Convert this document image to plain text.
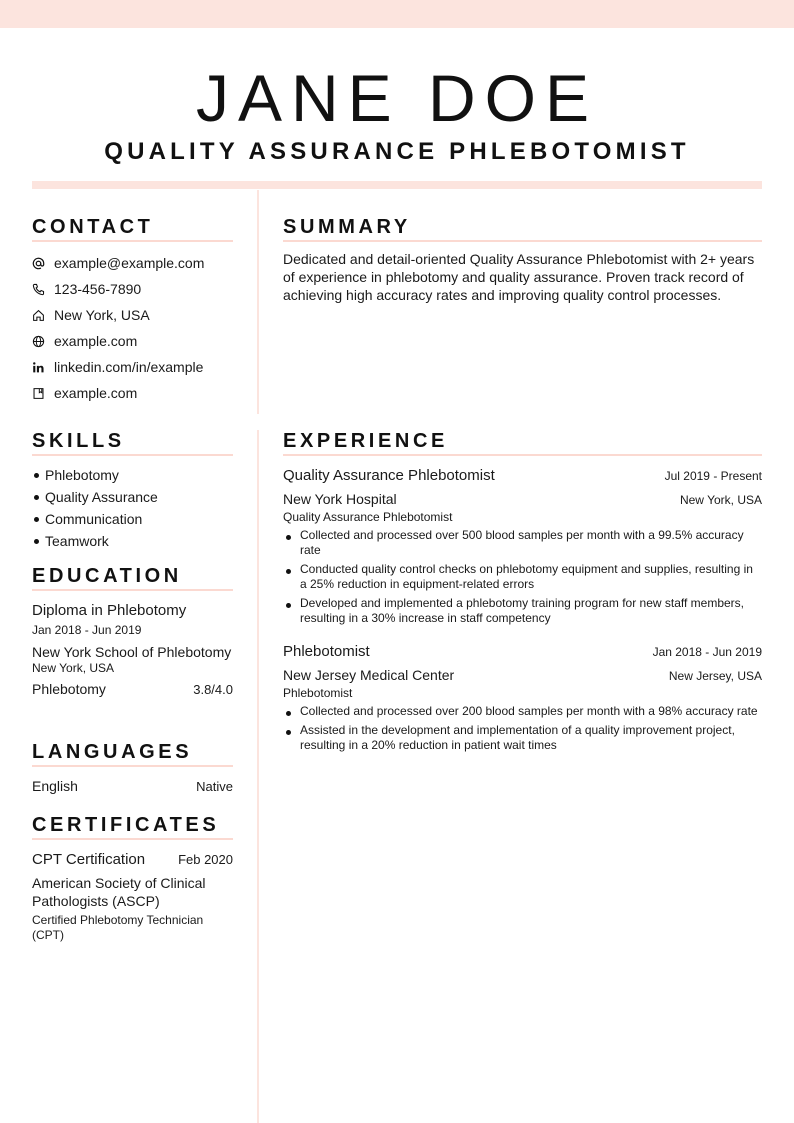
JANE DOE
QUALITY ASSURANCE PHLEBOTOMIST
CONTACT
example@example.com
123-456-7890
New York, USA
example.com
linkedin.com/in/example
example.com
SKILLS
Phlebotomy
Quality Assurance
Communication
Teamwork
EDUCATION
Diploma in Phlebotomy
Jan 2018 - Jun 2019
New York School of Phlebotomy
New York, USA
Phlebotomy	3.8/4.0
LANGUAGES
English	Native
CERTIFICATES
CPT Certification	Feb 2020
American Society of Clinical Pathologists (ASCP)
Certified Phlebotomy Technician (CPT)
SUMMARY
Dedicated and detail-oriented Quality Assurance Phlebotomist with 2+ years of experience in phlebotomy and quality assurance. Proven track record of achieving high accuracy rates and improving quality control processes.
EXPERIENCE
Quality Assurance Phlebotomist	Jul 2019 - Present
New York Hospital	New York, USA
Quality Assurance Phlebotomist
Collected and processed over 500 blood samples per month with a 99.5% accuracy rate
Conducted quality control checks on phlebotomy equipment and supplies, resulting in a 25% reduction in equipment-related errors
Developed and implemented a phlebotomy training program for new staff members, resulting in a 30% increase in staff competency
Phlebotomist	Jan 2018 - Jun 2019
New Jersey Medical Center	New Jersey, USA
Phlebotomist
Collected and processed over 200 blood samples per month with a 98% accuracy rate
Assisted in the development and implementation of a quality improvement project, resulting in a 20% reduction in patient wait times
